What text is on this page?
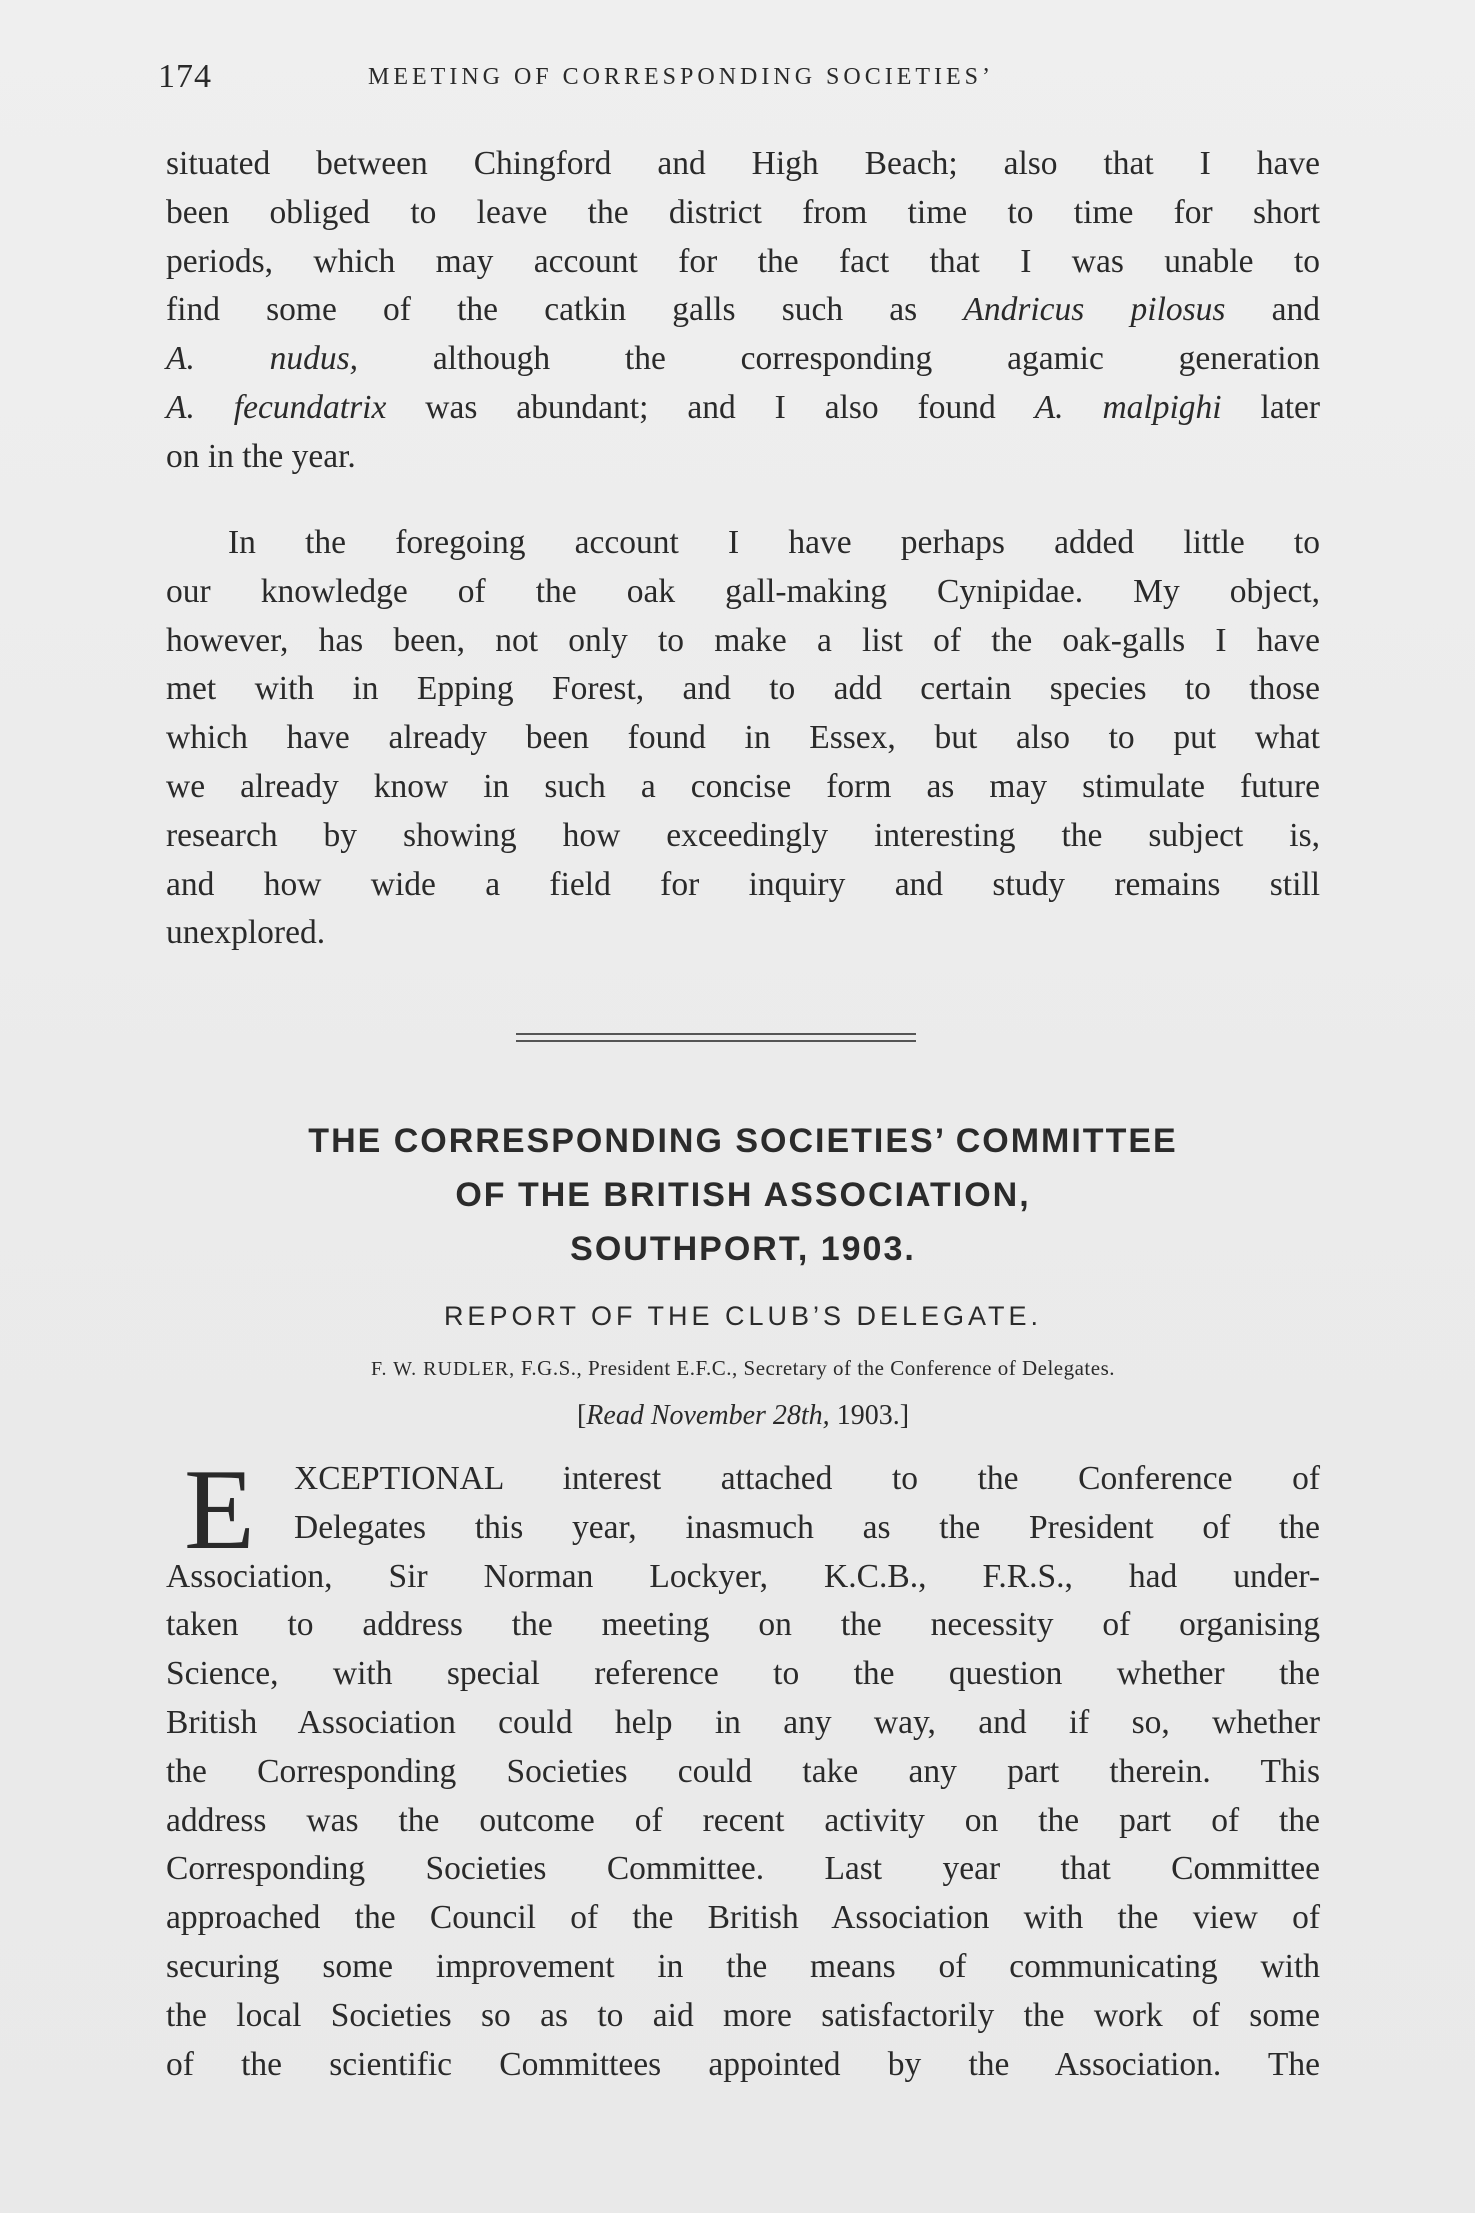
174	MEETING OF CORRESPONDING SOCIETIES’

situated between Chingford and High Beach; also that I have
been obliged to leave the district from time to time for short
periods, which may account for the fact that I was unable to
find some of the catkin galls such as Andricus pilosus and
A. nudus, although the corresponding agamic generation
A. fecundatrix was abundant; and I also found A. malpighi later
on in the year.

In the foregoing account I have perhaps added little to
our knowledge of the oak gall-making Cynipidae. My object,
however, has been, not only to make a list of the oak-galls I have
met with in Epping Forest, and to add certain species to those
which have already been found in Essex, but also to put what
we already know in such a concise form as may stimulate future
research by showing how exceedingly interesting the subject is,
and how wide a field for inquiry and study remains still
unexplored.

THE CORRESPONDING SOCIETIES’ COMMITTEE
OF THE BRITISH ASSOCIATION,
SOUTHPORT, 1903.
REPORT OF THE CLUB’S DELEGATE.
F. W. RUDLER, F.G.S., President E.F.C., Secretary of the Conference of Delegates.
[Read November 28th, 1903.]
E	XCEPTIONAL interest attached to the Conference of
Delegates this year, inasmuch as the President of the
Association, Sir Norman Lockyer, K.C.B., F.R.S., had under-
taken to address the meeting on the necessity of organising
Science, with special reference to the question whether the
British Association could help in any way, and if so, whether
the Corresponding Societies could take any part therein. This
address was the outcome of recent activity on the part of the
Corresponding Societies Committee. Last year that Committee
approached the Council of the British Association with the view of
securing some improvement in the means of communicating with
the local Societies so as to aid more satisfactorily the work of some
of the scientific Committees appointed by the Association. The
